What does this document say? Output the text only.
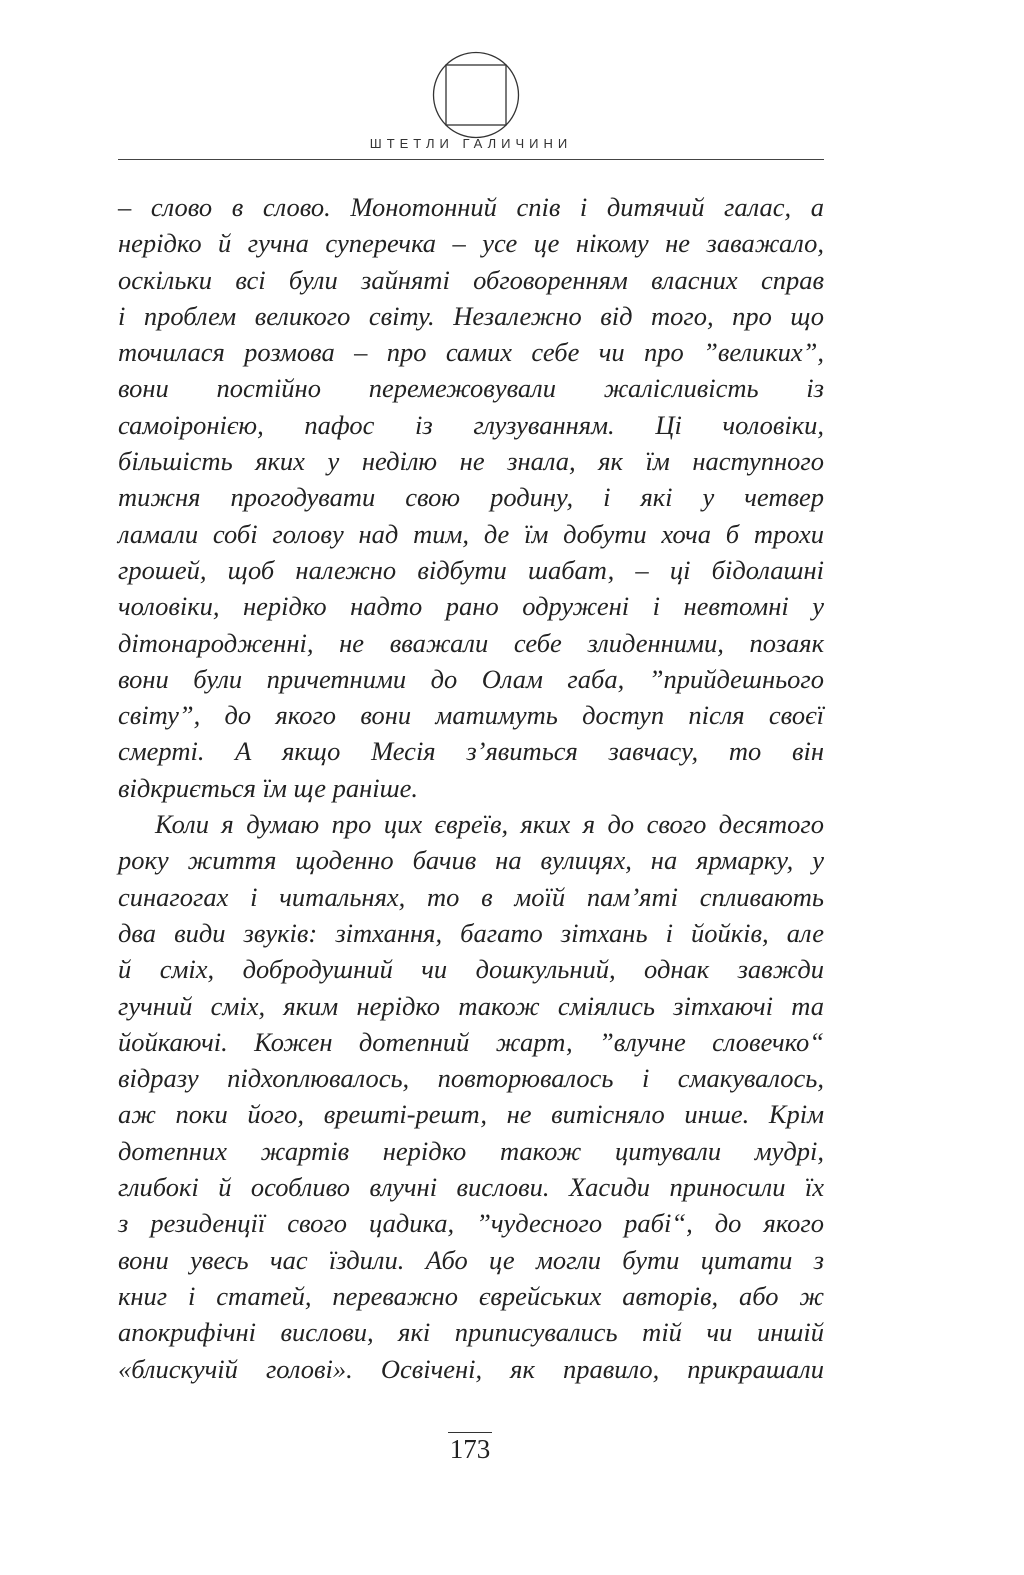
ШТЕТЛИ ГАЛИЧИНИ

– слово в слово. Монотонний спів і дитячий галас, а
нерідко й гучна суперечка – усе це нікому не заважало,
оскільки всі були зайняті обговоренням власних справ
і проблем великого світу. Незалежно від того, про що
точилася розмова – про самих себе чи про ”великих”,
вони постійно перемежовували жалісливість із
самоіронією, пафос із глузуванням. Ці чоловіки,
більшість яких у неділю не знала, як їм наступного
тижня прогодувати свою родину, і які у четвер
ламали собі голову над тим, де їм добути хоча б трохи
грошей, щоб належно відбути шабат, – ці бідолашні
чоловіки, нерідко надто рано одружені і невтомні у
дітонародженні, не вважали себе злиденними, позаяк
вони були причетними до Олам габа, ”прийдешнього
світу”, до якого вони матимуть доступ після своєї
смерті. А якщо Месія з’явиться завчасу, то він
відкриється їм ще раніше.

Коли я думаю про цих євреїв, яких я до свого десятого
року життя щоденно бачив на вулицях, на ярмарку, у
синагогах і читальнях, то в моїй пам’яті спливають
два види звуків: зітхання, багато зітхань і йойків, але
й сміх, добродушний чи дошкульний, однак завжди
гучний сміх, яким нерідко також сміялись зітхаючі та
йойкаючі. Кожен дотепний жарт, ”влучне словечко“
відразу підхоплювалось, повторювалось і смакувалось,
аж поки його, врешті-решт, не витісняло инше. Крім
дотепних жартів нерідко також цитували мудрі,
глибокі й особливо влучні вислови. Хасиди приносили їх
з резиденції свого цадика, ”чудесного рабі“, до якого
вони увесь час їздили. Або це могли бути цитати з
книг і статей, переважно єврейських авторів, або ж
апокрифічні вислови, які приписувались тій чи иншій
«блискучій голові». Освічені, як правило, прикрашали

173
